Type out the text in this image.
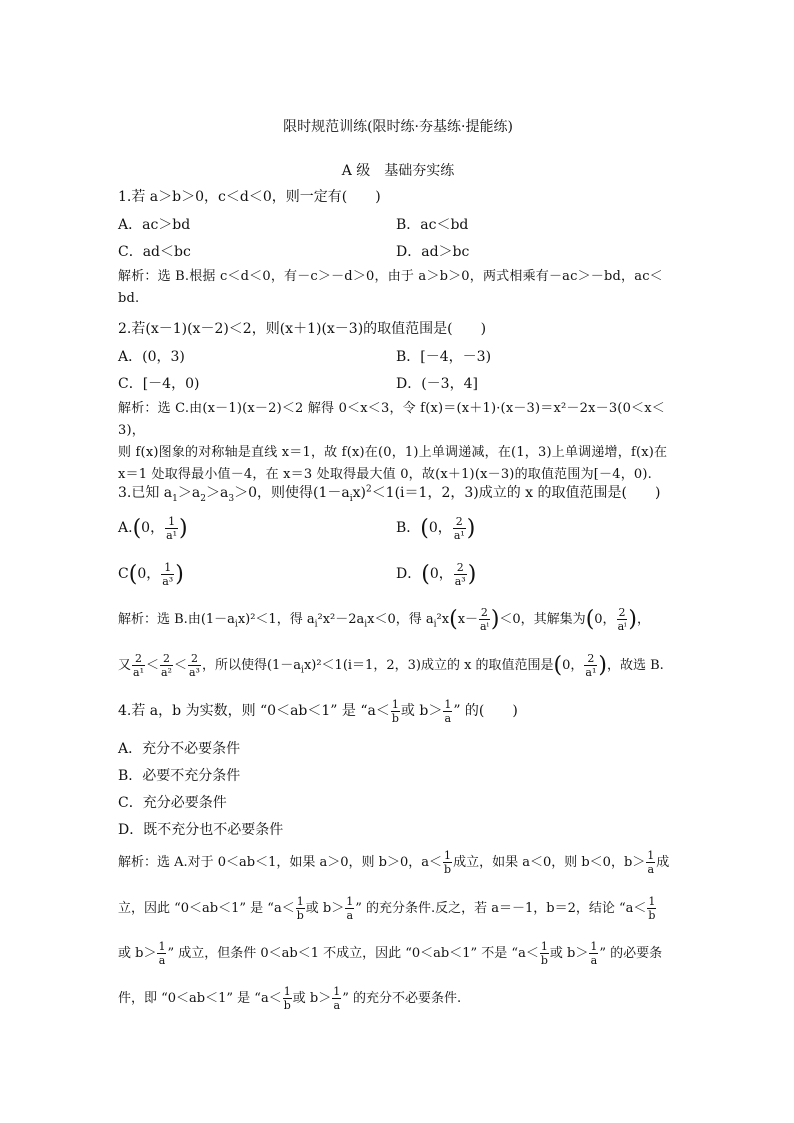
限时规范训练(限时练·夯基练·提能练)
A 级　基础夯实练
1.若 a＞b＞0，c＜d＜0，则一定有(　　)
A．ac＞bd	B．ac＜bd
C．ad＜bc	D．ad＞bc
解析：选 B.根据 c＜d＜0，有－c＞－d＞0，由于 a＞b＞0，两式相乘有－ac＞－bd，ac＜
bd.
2.若(x－1)(x－2)＜2，则(x＋1)(x－3)的取值范围是(　　)
A．(0，3)	B．[－4，－3)
C．[－4，0)	D．(－3，4]
解析：选 C.由(x－1)(x－2)＜2 解得 0＜x＜3，令 f(x)＝(x＋1)·(x－3)＝x²－2x－3(0＜x＜3)，
则 f(x)图象的对称轴是直线 x＝1，故 f(x)在(0，1)上单调递减，在(1，3)上单调递增，f(x)在
x＝1 处取得最小值－4，在 x＝3 处取得最大值 0，故(x＋1)(x－3)的取值范围为[－4，0).
3.已知 $a_1>a_2>a_3>0$，则使得$(1-a_ix)^2<1(i=1$，2，3)成立的 x 的取值范围是(　　)
A.(0， $\frac{1}{\text{a¹}}$ )	B．(0， $\frac{2}{\text{a¹}}$ )
C(0， $\frac{1}{\text{a³}}$ )	D．(0， $\frac{2}{\text{a³}}$ )
解析：选 B.由$(1-a_ix)^2<1$，得 $a_i^2x^2-2a_ix<0$，得 $a_i^2x(x- \frac{2}{\text{aⁱ}} )<0$，其解集为(0， $\frac{2}{\text{aⁱ}}$ )，
又 $\frac{2}{\text{a¹}} < \frac{2}{\text{a²}} < \frac{2}{\text{a³}}$ ，所以使得$(1-a_ix)^2<1(i=1$，2，3)成立的 x 的取值范围是(0， $\frac{2}{\text{a¹}}$ )，故选 B.
4.若 a，b 为实数，则 “0＜ab＜1” 是 “$a< \frac{1}{b}$ 或 $b> \frac{1}{a}$ ” 的(　　)
A．充分不必要条件
B．必要不充分条件
C．充分必要条件
D．既不充分也不必要条件
解析：选 A.对于 0＜ab＜1，如果 a＞0，则 b＞0，$a< \frac{1}{b}$ 成立，如果 a＜0，则 b＜0，$b> \frac{1}{a}$ 成
立，因此 “0＜ab＜1” 是 “$a< \frac{1}{b}$ 或 $b> \frac{1}{a}$ ” 的充分条件.反之，若 a＝－1，b＝2，结论 “$a< \frac{1}{b}$
或 $b> \frac{1}{a}$ ” 成立，但条件 0＜ab＜1 不成立，因此 “0＜ab＜1” 不是 “$a< \frac{1}{b}$ 或 $b> \frac{1}{a}$ ” 的必要条
件，即 “0＜ab＜1” 是 “$a< \frac{1}{b}$ 或 $b> \frac{1}{a}$ ” 的充分不必要条件.
